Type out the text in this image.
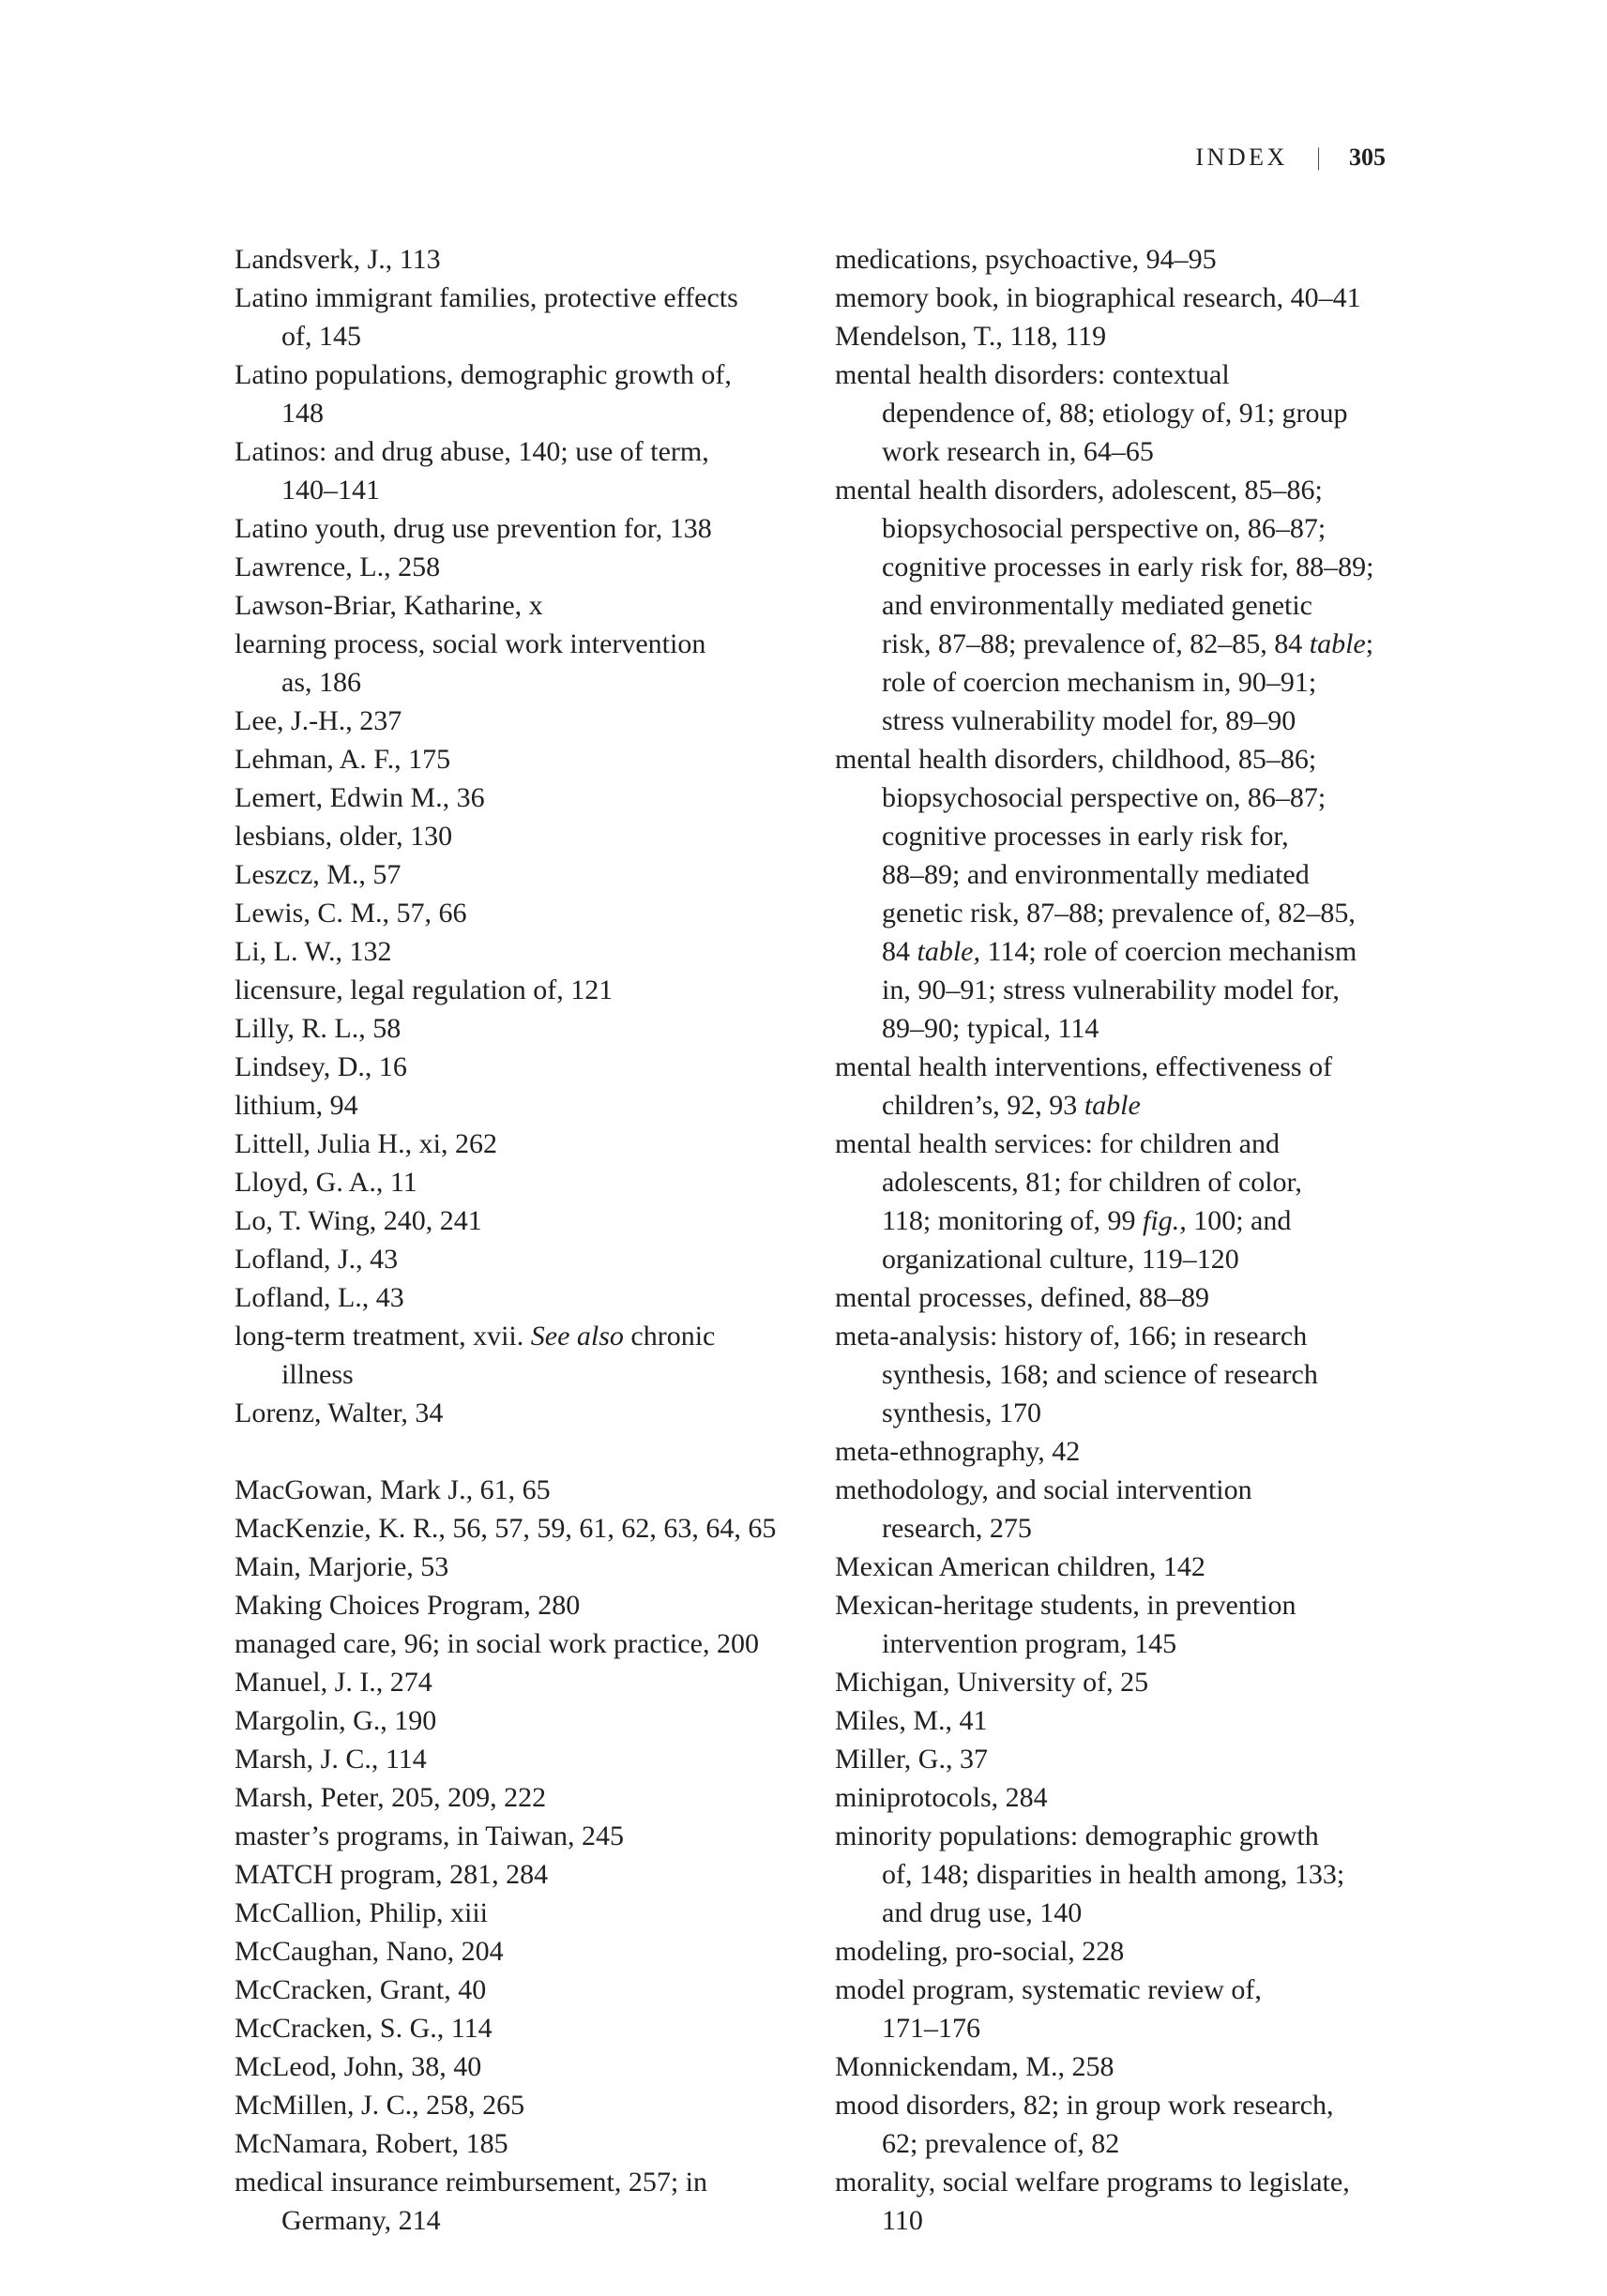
INDEX | 305
Landsverk, J., 113
Latino immigrant families, protective effects
of, 145
Latino populations, demographic growth of,
148
Latinos: and drug abuse, 140; use of term,
140–141
Latino youth, drug use prevention for, 138
Lawrence, L., 258
Lawson-Briar, Katharine, x
learning process, social work intervention
as, 186
Lee, J.-H., 237
Lehman, A. F., 175
Lemert, Edwin M., 36
lesbians, older, 130
Leszcz, M., 57
Lewis, C. M., 57, 66
Li, L. W., 132
licensure, legal regulation of, 121
Lilly, R. L., 58
Lindsey, D., 16
lithium, 94
Littell, Julia H., xi, 262
Lloyd, G. A., 11
Lo, T. Wing, 240, 241
Lofland, J., 43
Lofland, L., 43
long-term treatment, xvii. See also chronic
illness
Lorenz, Walter, 34
MacGowan, Mark J., 61, 65
MacKenzie, K. R., 56, 57, 59, 61, 62, 63, 64, 65
Main, Marjorie, 53
Making Choices Program, 280
managed care, 96; in social work practice, 200
Manuel, J. I., 274
Margolin, G., 190
Marsh, J. C., 114
Marsh, Peter, 205, 209, 222
master’s programs, in Taiwan, 245
MATCH program, 281, 284
McCallion, Philip, xiii
McCaughan, Nano, 204
McCracken, Grant, 40
McCracken, S. G., 114
McLeod, John, 38, 40
McMillen, J. C., 258, 265
McNamara, Robert, 185
medical insurance reimbursement, 257; in
Germany, 214
medications, psychoactive, 94–95
memory book, in biographical research, 40–41
Mendelson, T., 118, 119
mental health disorders: contextual
dependence of, 88; etiology of, 91; group
work research in, 64–65
mental health disorders, adolescent, 85–86;
biopsychosocial perspective on, 86–87;
cognitive processes in early risk for, 88–89;
and environmentally mediated genetic
risk, 87–88; prevalence of, 82–85, 84 table;
role of coercion mechanism in, 90–91;
stress vulnerability model for, 89–90
mental health disorders, childhood, 85–86;
biopsychosocial perspective on, 86–87;
cognitive processes in early risk for,
88–89; and environmentally mediated
genetic risk, 87–88; prevalence of, 82–85,
84 table, 114; role of coercion mechanism
in, 90–91; stress vulnerability model for,
89–90; typical, 114
mental health interventions, effectiveness of
children’s, 92, 93 table
mental health services: for children and
adolescents, 81; for children of color,
118; monitoring of, 99 fig., 100; and
organizational culture, 119–120
mental processes, defined, 88–89
meta-analysis: history of, 166; in research
synthesis, 168; and science of research
synthesis, 170
meta-ethnography, 42
methodology, and social intervention
research, 275
Mexican American children, 142
Mexican-heritage students, in prevention
intervention program, 145
Michigan, University of, 25
Miles, M., 41
Miller, G., 37
miniprotocols, 284
minority populations: demographic growth
of, 148; disparities in health among, 133;
and drug use, 140
modeling, pro-social, 228
model program, systematic review of,
171–176
Monnickendam, M., 258
mood disorders, 82; in group work research,
62; prevalence of, 82
morality, social welfare programs to legislate,
110
